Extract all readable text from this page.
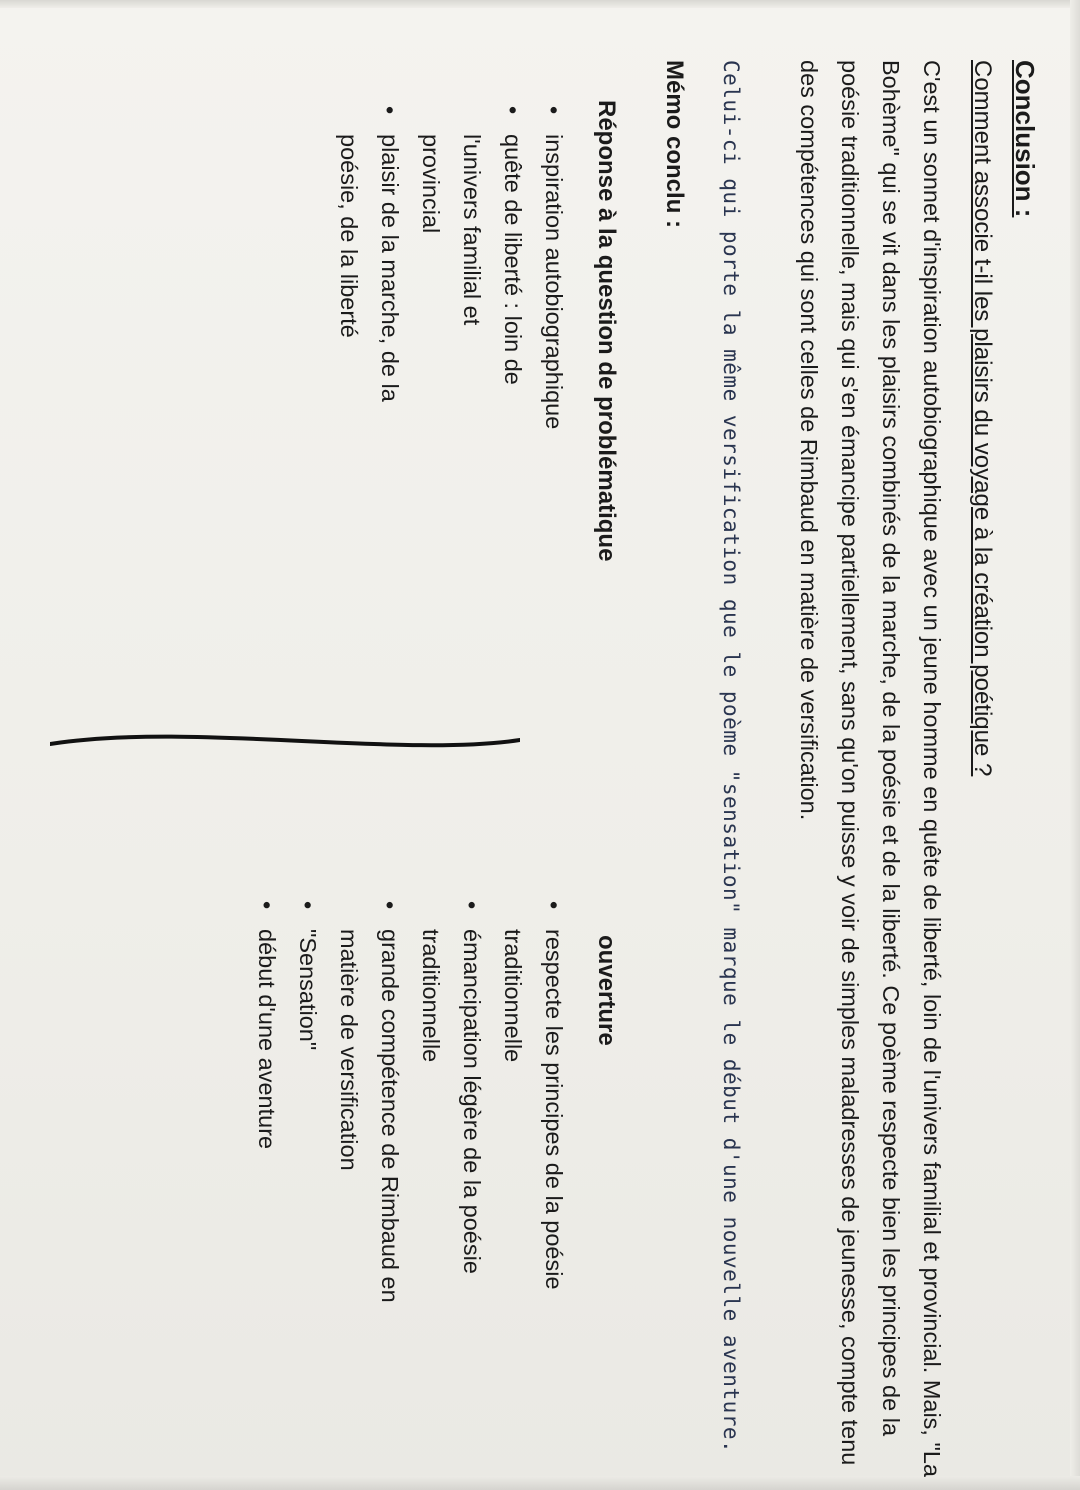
Conclusion :
Comment associe t-il les plaisirs du voyage à la création poétique ?
C'est un sonnet d'inspiration autobiographique avec un jeune homme en quête de liberté, loin de l'univers familial et provincial. Mais, "La Bohème" qui se vit dans les plaisirs combinés de la marche, de la poésie et de la liberté. Ce poème respecte bien les principes de la poésie traditionnelle, mais qui s'en émancipe partiellement, sans qu'on puisse y voir de simples maladresses de jeunesse, compte tenu des compétences qui sont celles de Rimbaud en matière de versification.
Celui-ci qui porte la même versification que le poème "sensation" marque le début d'une nouvelle aventure.
Mémo conclu :
Réponse à la question de problématique
• inspiration autobiographique
• quête de liberté : loin de l'univers familial et provincial
• plaisir de la marche, de la poésie, de la liberté
ouverture
• respecte les principes de la poésie traditionnelle
• émancipation légère de la poésie traditionnelle
• grande compétence de Rimbaud en matière de versification
• "Sensation"
• début d'une aventure
